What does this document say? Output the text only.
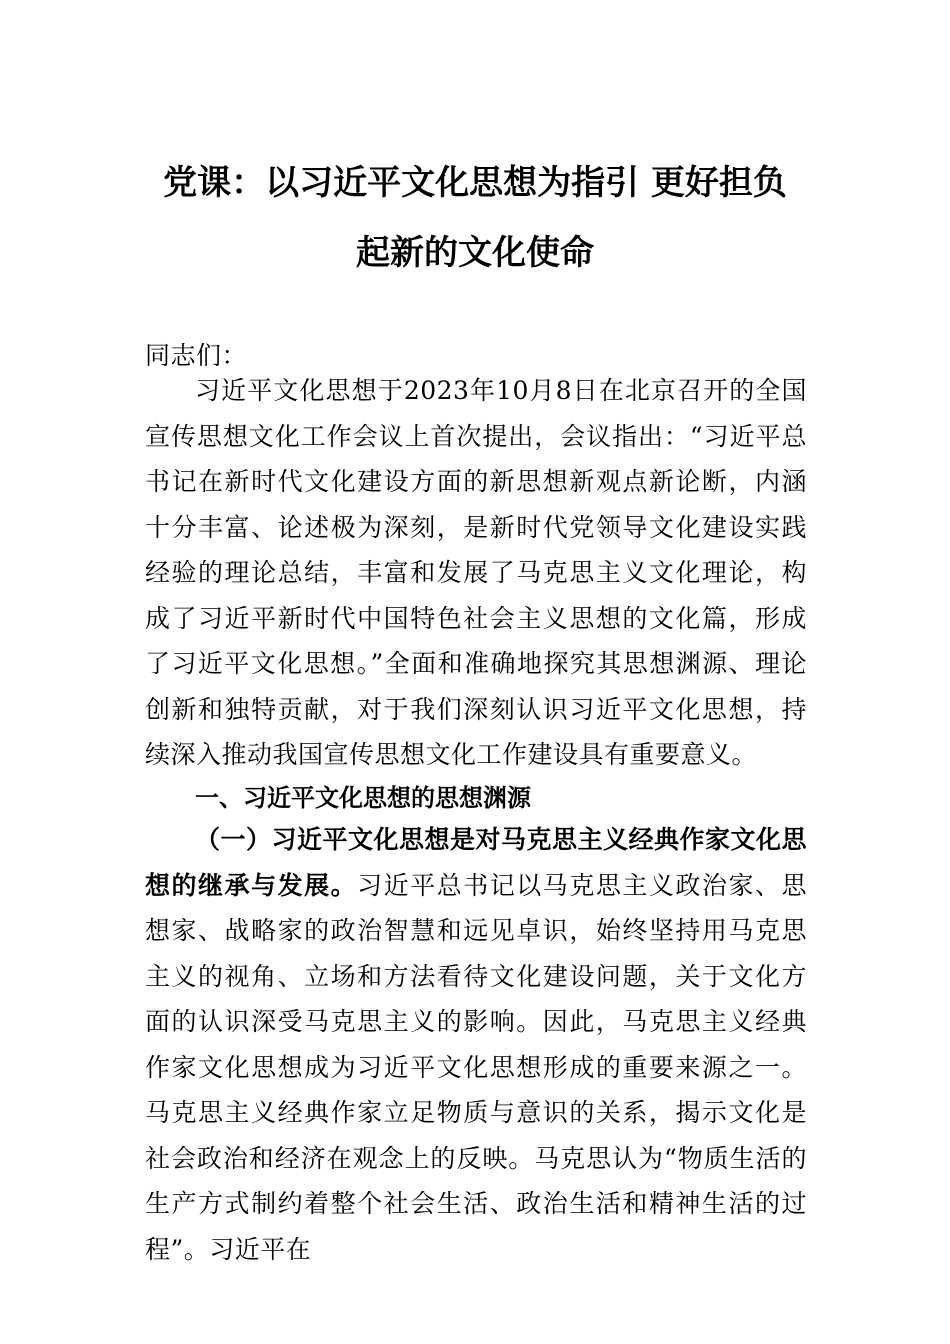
党课：以习近平文化思想为指引 更好担负
起新的文化使命
同志们：
习近平文化思想于2023年10月8日在北京召开的全国宣传思想文化工作会议上首次提出，会议指出：“习近平总书记在新时代文化建设方面的新思想新观点新论断，内涵十分丰富、论述极为深刻，是新时代党领导文化建设实践经验的理论总结，丰富和发展了马克思主义文化理论，构成了习近平新时代中国特色社会主义思想的文化篇，形成了习近平文化思想。”全面和准确地探究其思想渊源、理论创新和独特贡献，对于我们深刻认识习近平文化思想，持续深入推动我国宣传思想文化工作建设具有重要意义。
一、习近平文化思想的思想渊源
（一）习近平文化思想是对马克思主义经典作家文化思想的继承与发展。习近平总书记以马克思主义政治家、思想家、战略家的政治智慧和远见卓识，始终坚持用马克思主义的视角、立场和方法看待文化建设问题，关于文化方面的认识深受马克思主义的影响。因此，马克思主义经典作家文化思想成为习近平文化思想形成的重要来源之一。马克思主义经典作家立足物质与意识的关系，揭示文化是社会政治和经济在观念上的反映。马克思认为“物质生活的生产方式制约着整个社会生活、政治生活和精神生活的过程”。习近平在
